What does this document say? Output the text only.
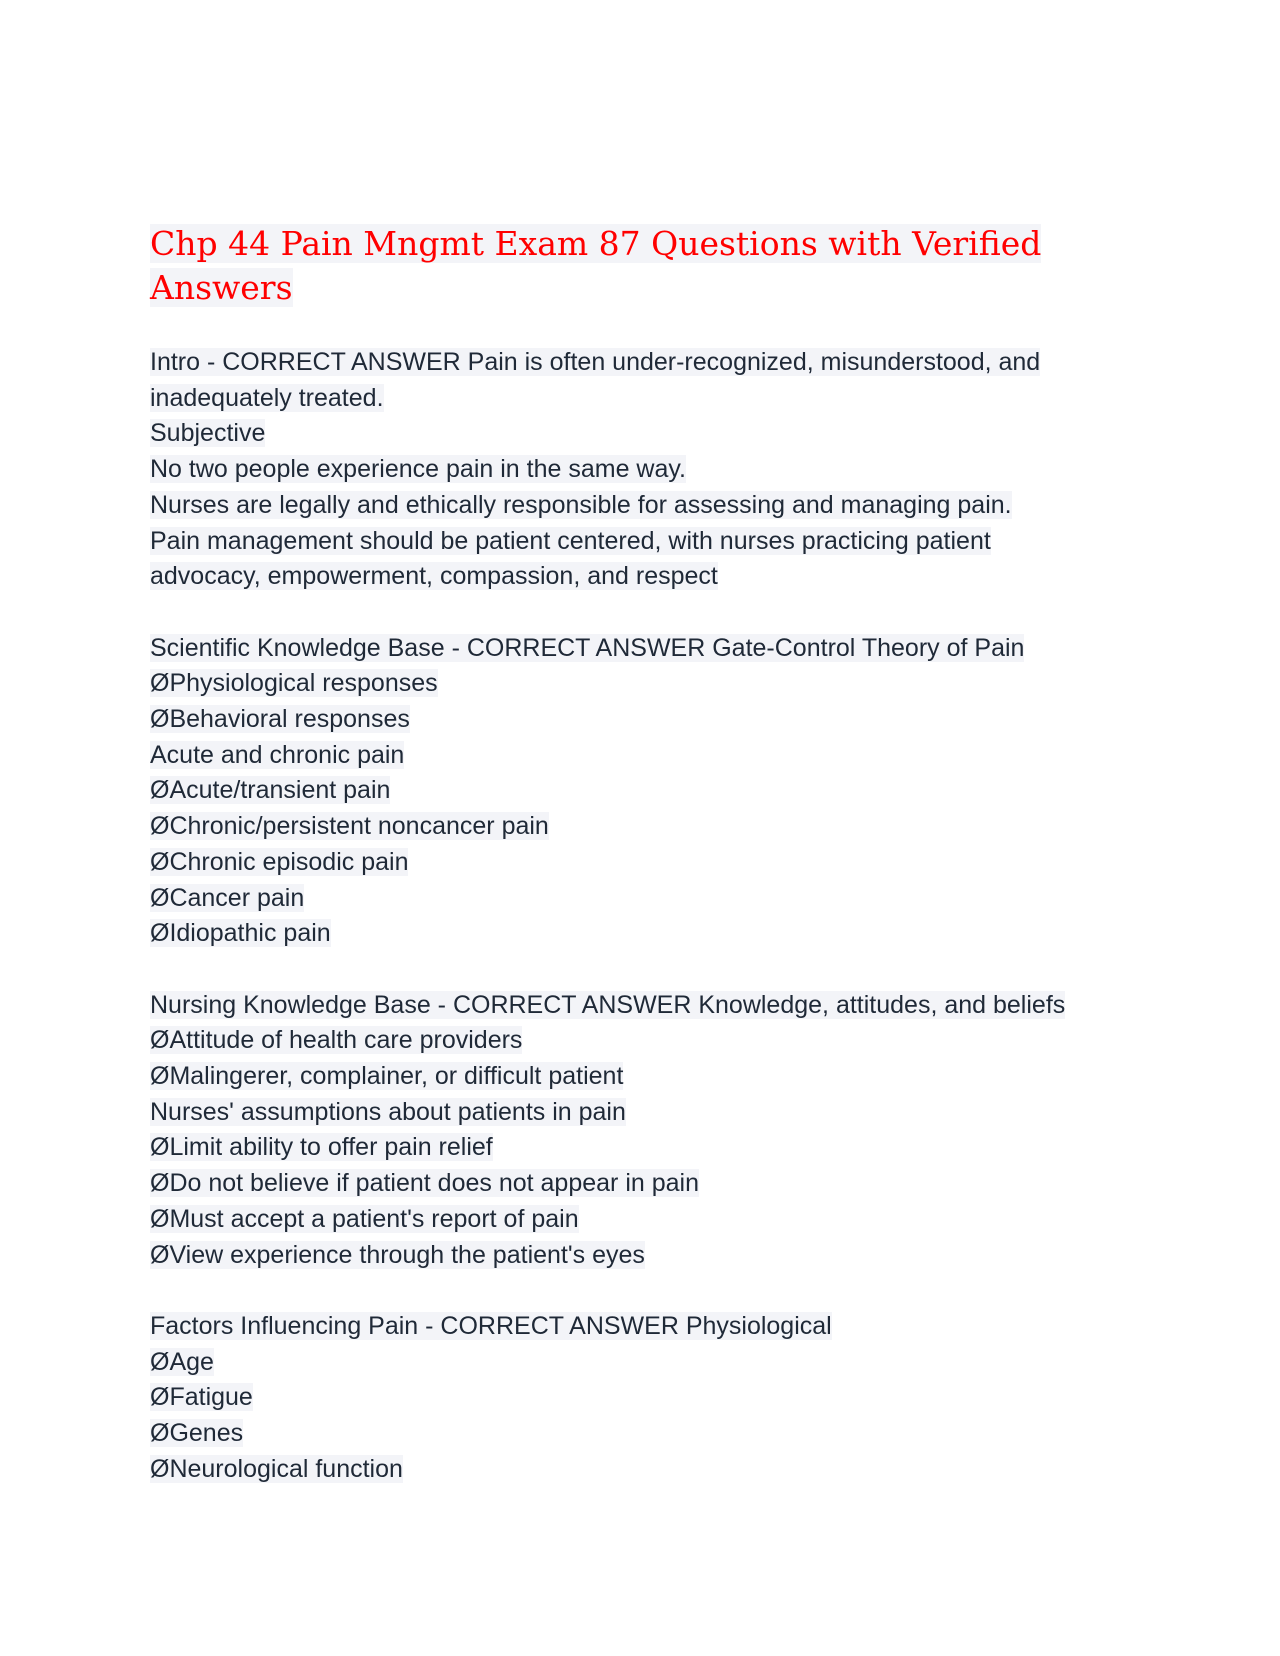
Chp 44 Pain Mngmt Exam 87 Questions with Verified
Answers
Intro - CORRECT ANSWER Pain is often under-recognized, misunderstood, and
inadequately treated.
Subjective
No two people experience pain in the same way.
Nurses are legally and ethically responsible for assessing and managing pain.
Pain management should be patient centered, with nurses practicing patient
advocacy, empowerment, compassion, and respect
Scientific Knowledge Base - CORRECT ANSWER Gate-Control Theory of Pain
ØPhysiological responses
ØBehavioral responses
Acute and chronic pain
ØAcute/transient pain
ØChronic/persistent noncancer pain
ØChronic episodic pain
ØCancer pain
ØIdiopathic pain
Nursing Knowledge Base - CORRECT ANSWER Knowledge, attitudes, and beliefs
ØAttitude of health care providers
ØMalingerer, complainer, or difficult patient
Nurses' assumptions about patients in pain
ØLimit ability to offer pain relief
ØDo not believe if patient does not appear in pain
ØMust accept a patient's report of pain
ØView experience through the patient's eyes
Factors Influencing Pain - CORRECT ANSWER Physiological
ØAge
ØFatigue
ØGenes
ØNeurological function
